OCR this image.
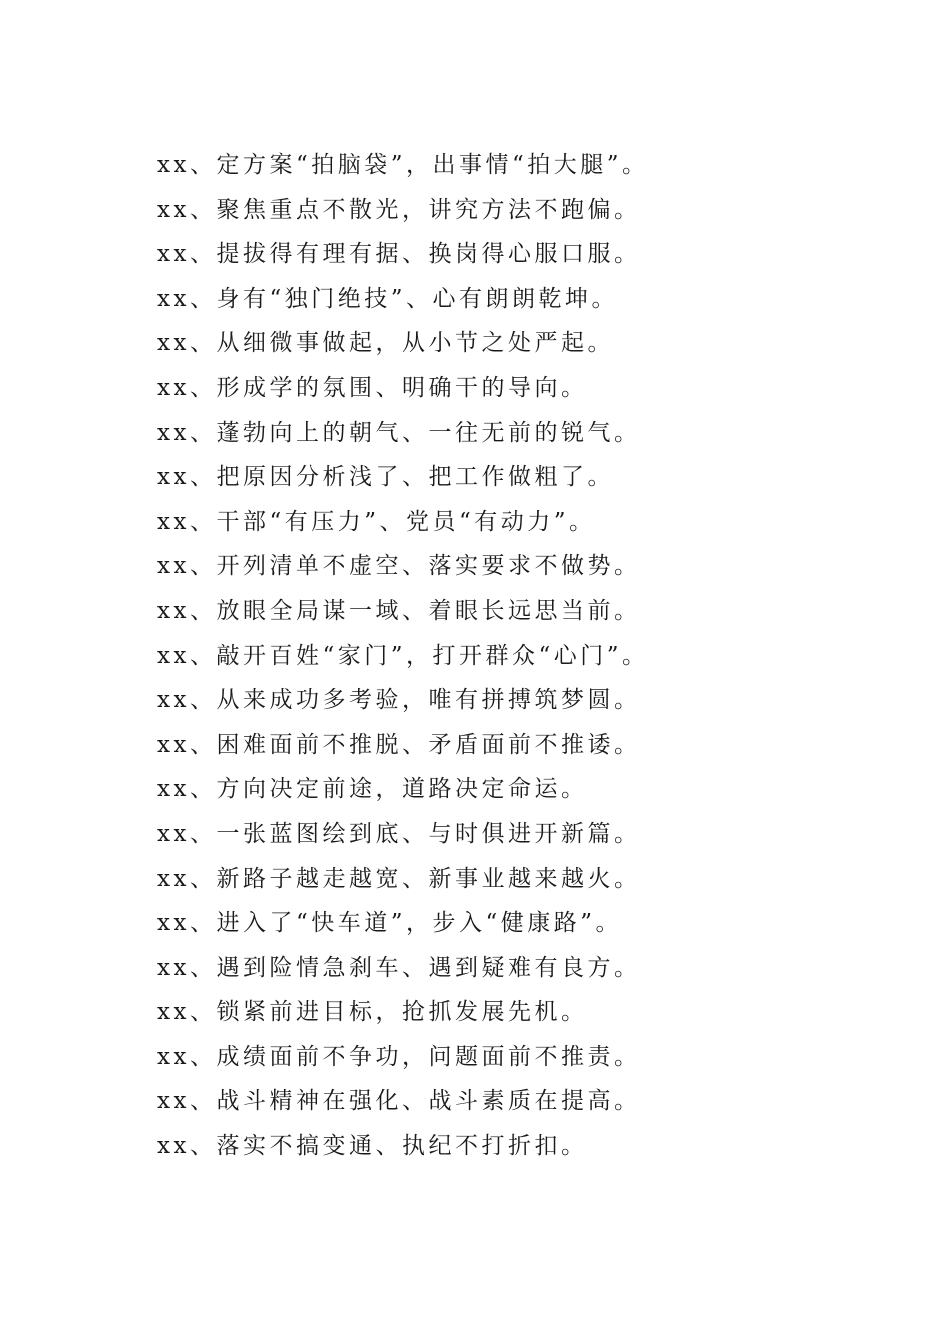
xx、定方案“拍脑袋”，出事情“拍大腿”。
xx、聚焦重点不散光，讲究方法不跑偏。
xx、提拔得有理有据、换岗得心服口服。
xx、身有“独门绝技”、心有朗朗乾坤。
xx、从细微事做起，从小节之处严起。
xx、形成学的氛围、明确干的导向。
xx、蓬勃向上的朝气、一往无前的锐气。
xx、把原因分析浅了、把工作做粗了。
xx、干部“有压力”、党员“有动力”。
xx、开列清单不虚空、落实要求不做势。
xx、放眼全局谋一域、着眼长远思当前。
xx、敲开百姓“家门”，打开群众“心门”。
xx、从来成功多考验，唯有拼搏筑梦圆。
xx、困难面前不推脱、矛盾面前不推诿。
xx、方向决定前途，道路决定命运。
xx、一张蓝图绘到底、与时俱进开新篇。
xx、新路子越走越宽、新事业越来越火。
xx、进入了“快车道”，步入“健康路”。
xx、遇到险情急刹车、遇到疑难有良方。
xx、锁紧前进目标，抢抓发展先机。
xx、成绩面前不争功，问题面前不推责。
xx、战斗精神在强化、战斗素质在提高。
xx、落实不搞变通、执纪不打折扣。
